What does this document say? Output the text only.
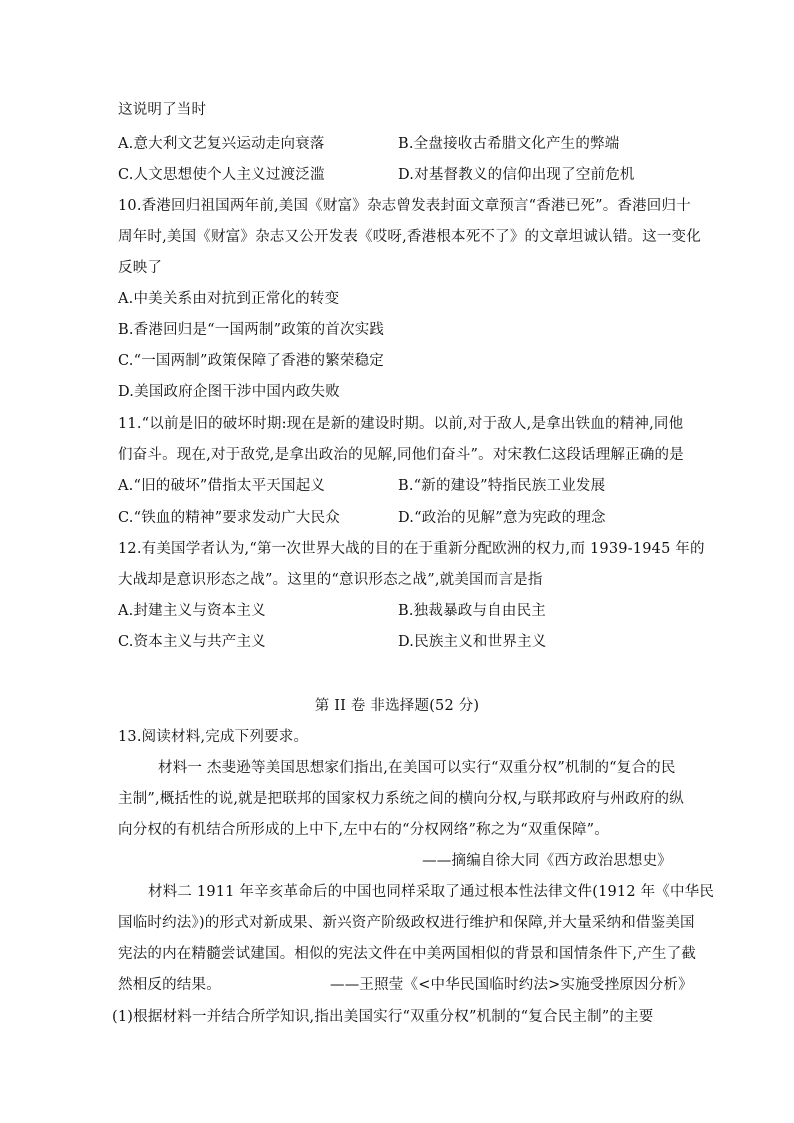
这说明了当时
A.意大利文艺复兴运动走向衰落	B.全盘接收古希腊文化产生的弊端
C.人文思想使个人主义过渡泛滥	D.对基督教义的信仰出现了空前危机
10.香港回归祖国两年前,美国《财富》杂志曾发表封面文章预言“香港已死”。香港回归十
周年时,美国《财富》杂志又公开发表《哎呀,香港根本死不了》的文章坦诚认错。这一变化
反映了
A.中美关系由对抗到正常化的转变
B.香港回归是“一国两制”政策的首次实践
C.“一国两制”政策保障了香港的繁荣稳定
D.美国政府企图干涉中国内政失败
11.“以前是旧的破坏时期:现在是新的建设时期。以前,对于敌人,是拿出铁血的精神,同他
们奋斗。现在,对于敌党,是拿出政治的见解,同他们奋斗”。对宋教仁这段话理解正确的是
A.“旧的破坏”借指太平天国起义	B.“新的建设”特指民族工业发展
C.“铁血的精神”要求发动广大民众	D.“政治的见解”意为宪政的理念
12.有美国学者认为,“第一次世界大战的目的在于重新分配欧洲的权力,而 1939-1945 年的
大战却是意识形态之战”。这里的“意识形态之战”,就美国而言是指
A.封建主义与资本主义	B.独裁暴政与自由民主
C.资本主义与共产主义	D.民族主义和世界主义
第 II 卷 非选择题(52 分)
13.阅读材料,完成下列要求。
材料一 杰斐逊等美国思想家们指出,在美国可以实行“双重分权”机制的“复合的民
主制”,概括性的说,就是把联邦的国家权力系统之间的横向分权,与联邦政府与州政府的纵
向分权的有机结合所形成的上中下,左中右的“分权网络”称之为“双重保障”。
——摘编自徐大同《西方政治思想史》
材料二 1911 年辛亥革命后的中国也同样采取了通过根本性法律文件(1912 年《中华民
国临时约法》)的形式对新成果、新兴资产阶级政权进行维护和保障,并大量采纳和借鉴美国
宪法的内在精髓尝试建国。相似的宪法文件在中美两国相似的背景和国情条件下,产生了截
然相反的结果。	——王照莹《<中华民国临时约法>实施受挫原因分析》
(1)根据材料一并结合所学知识,指出美国实行“双重分权”机制的“复合民主制”的主要
